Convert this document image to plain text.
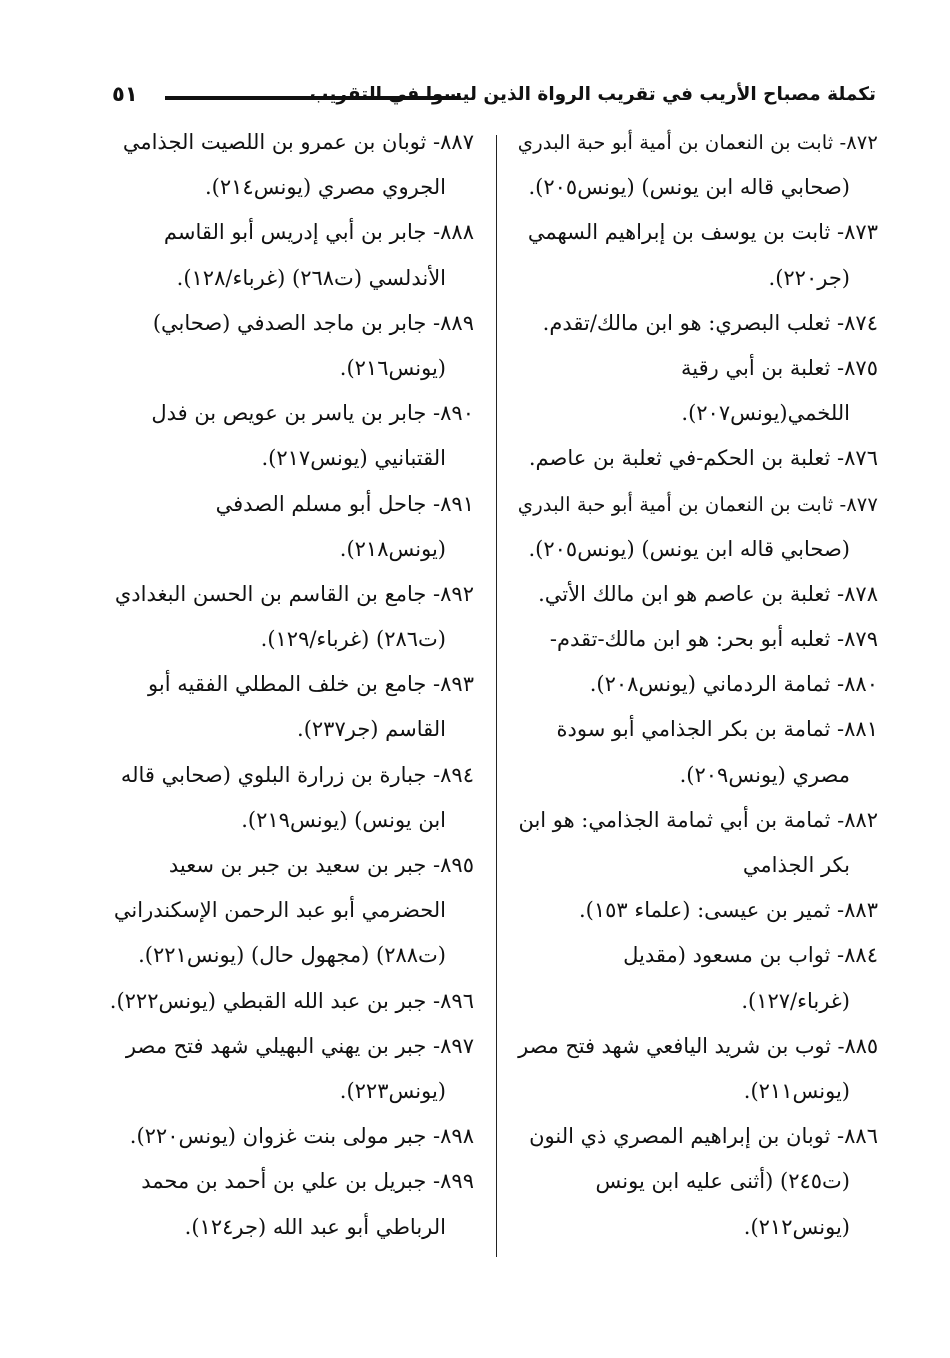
تكملة مصباح الأريب في تقريب الرواة الذين ليسوا في التقريب
٥١
٨٧٢- ثابت بن النعمان بن أمية أبو حبة البدري
(صحابي قاله ابن يونس) (يونس٢٠٥).
٨٧٣- ثابت بن يوسف بن إبراهيم السهمي
(جر٢٢٠).
٨٧٤- ثعلب البصري: هو ابن مالك/تقدم.
٨٧٥- ثعلبة بن أبي رقية
اللخمي(يونس٢٠٧).
٨٧٦- ثعلبة بن الحكم-في ثعلبة بن عاصم.
٨٧٧- ثابت بن النعمان بن أمية أبو حبة البدري
(صحابي قاله ابن يونس) (يونس٢٠٥).
٨٧٨- ثعلبة بن عاصم هو ابن مالك الأتي.
٨٧٩- ثعلبه أبو بحر: هو ابن مالك-تقدم-
٨٨٠- ثمامة الردماني (يونس٢٠٨).
٨٨١- ثمامة بن بكر الجذامي أبو سودة
مصري (يونس٢٠٩).
٨٨٢- ثمامة بن أبي ثمامة الجذامي: هو ابن
بكر الجذامي
٨٨٣- ثمير بن عيسى: (علماء ١٥٣).
٨٨٤- ثواب بن مسعود (مقديل
(غرباء/١٢٧).
٨٨٥- ثوب بن شريد اليافعي شهد فتح مصر
(يونس٢١١).
٨٨٦- ثوبان بن إبراهيم المصري ذي النون
(ت٢٤٥) (أثنى عليه ابن يونس
(يونس٢١٢).
٨٨٧- ثوبان بن عمرو بن اللصيت الجذامي
الجروي مصري (يونس٢١٤).
٨٨٨- جابر بن أبي إدريس أبو القاسم
الأندلسي (ت٢٦٨) (غرباء/١٢٨).
٨٨٩- جابر بن ماجد الصدفي (صحابي)
(يونس٢١٦).
٨٩٠- جابر بن ياسر بن عويص بن فدل
القتبانيي (يونس٢١٧).
٨٩١- جاحل أبو مسلم الصدفي
(يونس٢١٨).
٨٩٢- جامع بن القاسم بن الحسن البغدادي
(ت٢٨٦) (غرباء/١٢٩).
٨٩٣- جامع بن خلف المطلي الفقيه أبو
القاسم (جر٢٣٧).
٨٩٤- جبارة بن زرارة البلوي (صحابي قاله
ابن يونس) (يونس٢١٩).
٨٩٥- جبر بن سعيد بن جبر بن سعيد
الحضرمي أبو عبد الرحمن الإسكندراني
(ت٢٨٨) (مجهول حال) (يونس٢٢١).
٨٩٦- جبر بن عبد الله القبطي (يونس٢٢٢).
٨٩٧- جبر بن يهني البهيلي شهد فتح مصر
(يونس٢٢٣).
٨٩٨- جبر مولى بنت غزوان (يونس٢٢٠).
٨٩٩- جبريل بن علي بن أحمد بن محمد
الرباطي أبو عبد الله (جر١٢٤).
